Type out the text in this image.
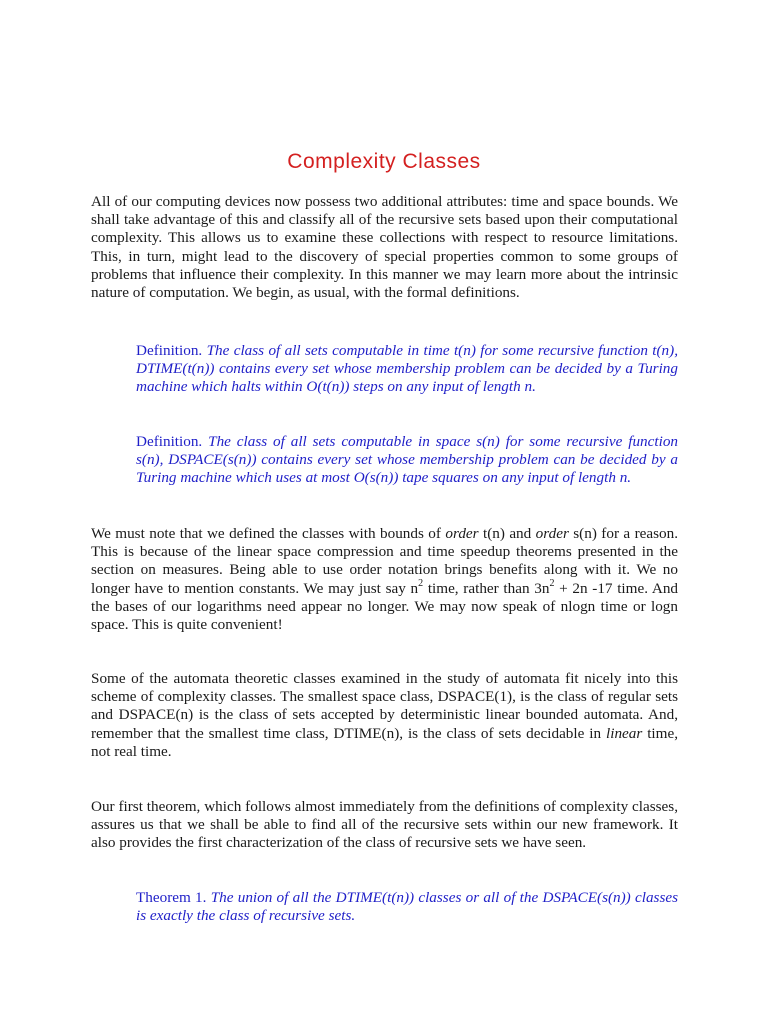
Complexity Classes

All of our computing devices now possess two additional attributes: time and space bounds. We shall take advantage of this and classify all of the recursive sets based upon their computational complexity. This allows us to examine these collections with respect to resource limitations. This, in turn, might lead to the discovery of special properties common to some groups of problems that influence their complexity. In this manner we may learn more about the intrinsic nature of computation. We begin, as usual, with the formal definitions.

Definition. The class of all sets computable in time t(n) for some recursive function t(n), DTIME(t(n)) contains every set whose membership problem can be decided by a Turing machine which halts within O(t(n)) steps on any input of length n.

Definition. The class of all sets computable in space s(n) for some recursive function s(n), DSPACE(s(n)) contains every set whose membership problem can be decided by a Turing machine which uses at most O(s(n)) tape squares on any input of length n.

We must note that we defined the classes with bounds of order t(n) and order s(n) for a reason. This is because of the linear space compression and time speedup theorems presented in the section on measures. Being able to use order notation brings benefits along with it. We no longer have to mention constants. We may just say $n^2$ time, rather than $3n^2 + 2n$ -17 time. And the bases of our logarithms need appear no longer. We may now speak of nlogn time or logn space. This is quite convenient!

Some of the automata theoretic classes examined in the study of automata fit nicely into this scheme of complexity classes. The smallest space class, DSPACE(1), is the class of regular sets and DSPACE(n) is the class of sets accepted by deterministic linear bounded automata. And, remember that the smallest time class, DTIME(n), is the class of sets decidable in linear time, not real time.

Our first theorem, which follows almost immediately from the definitions of complexity classes, assures us that we shall be able to find all of the recursive sets within our new framework. It also provides the first characterization of the class of recursive sets we have seen.

Theorem 1. The union of all the DTIME(t(n)) classes or all of the DSPACE(s(n)) classes is exactly the class of recursive sets.
